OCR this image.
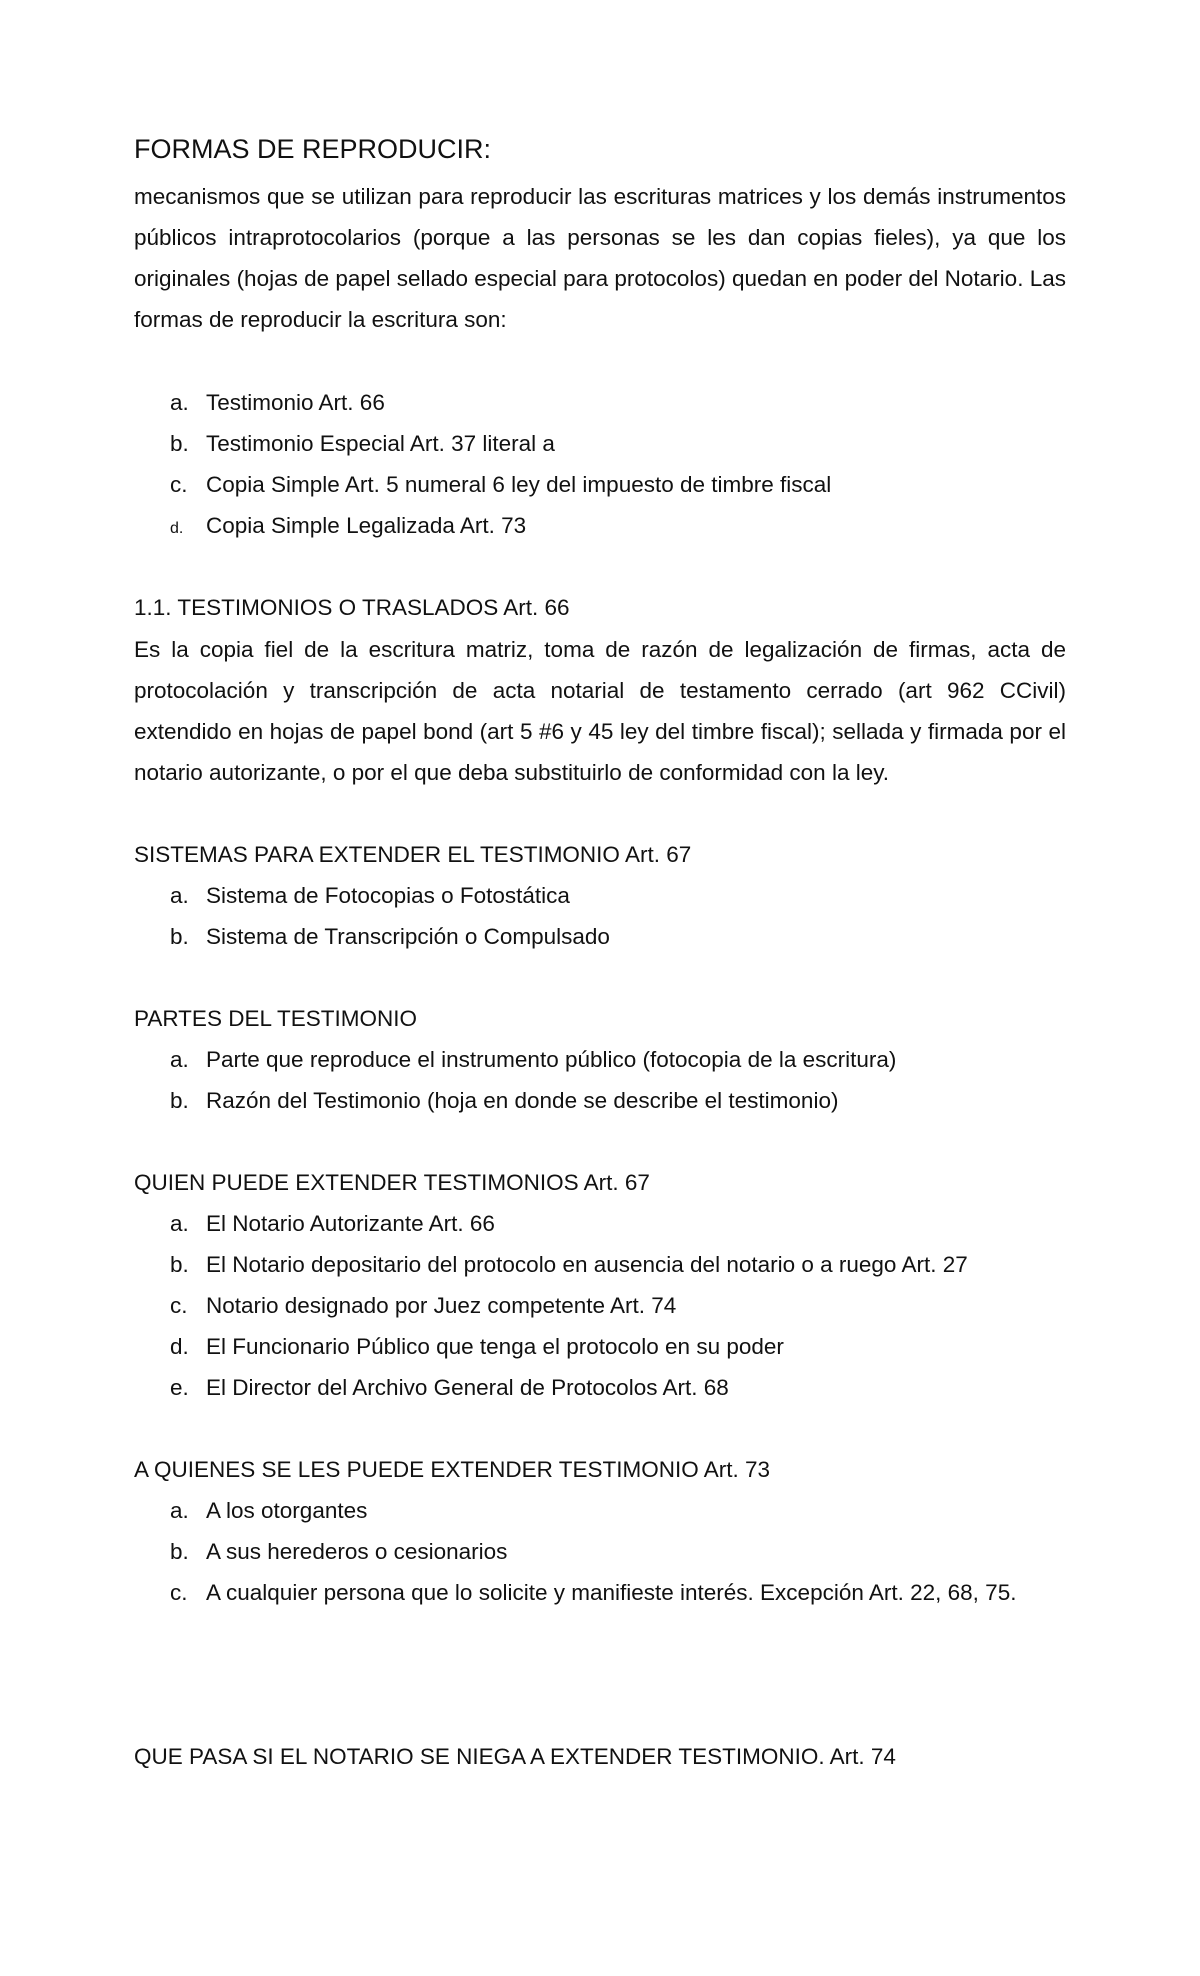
FORMAS DE REPRODUCIR:
mecanismos que se utilizan para reproducir las escrituras matrices y los demás instrumentos públicos intraprotocolarios (porque a las personas se les dan copias fieles), ya que los originales (hojas de papel sellado especial para protocolos) quedan en poder del Notario. Las formas de reproducir la escritura son:
a. Testimonio Art. 66
b. Testimonio Especial Art. 37 literal a
c. Copia Simple Art. 5 numeral 6 ley del impuesto de timbre fiscal
d. Copia Simple Legalizada Art. 73
1.1. TESTIMONIOS O TRASLADOS Art. 66
Es la copia fiel de la escritura matriz, toma de razón de legalización de firmas, acta de protocolación y transcripción de acta notarial de testamento cerrado (art 962 CCivil) extendido en hojas de papel bond (art 5 #6 y 45 ley del timbre fiscal); sellada y firmada por el notario autorizante, o por el que deba substituirlo de conformidad con la ley.
SISTEMAS PARA EXTENDER EL TESTIMONIO Art. 67
a. Sistema de Fotocopias o Fotostática
b. Sistema de Transcripción o Compulsado
PARTES DEL TESTIMONIO
a. Parte que reproduce el instrumento público (fotocopia de la escritura)
b. Razón del Testimonio (hoja en donde se describe el testimonio)
QUIEN PUEDE EXTENDER TESTIMONIOS Art. 67
a. El Notario Autorizante Art. 66
b. El Notario depositario del protocolo en ausencia del notario o a ruego Art. 27
c. Notario designado por Juez competente Art. 74
d. El Funcionario Público que tenga el protocolo en su poder
e. El Director del Archivo General de Protocolos Art. 68
A QUIENES SE LES PUEDE EXTENDER TESTIMONIO Art. 73
a. A los otorgantes
b. A sus herederos o cesionarios
c. A cualquier persona que lo solicite y manifieste interés. Excepción Art. 22, 68, 75.
QUE PASA SI EL NOTARIO SE NIEGA A EXTENDER TESTIMONIO. Art. 74
